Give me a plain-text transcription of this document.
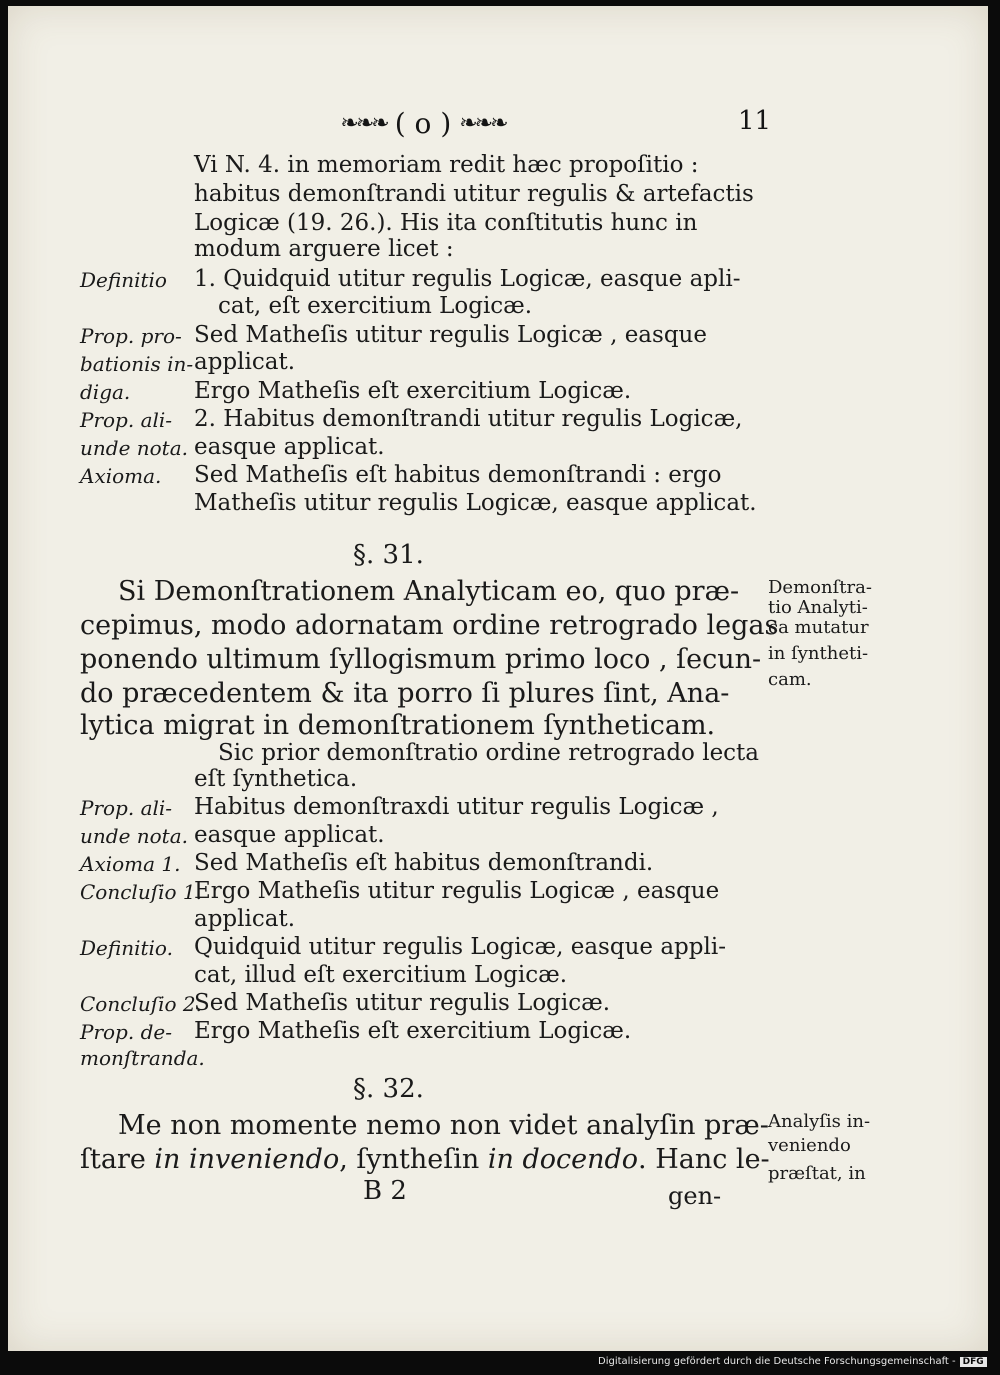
❧❧❧ ( o ) ❧❧❧	11
Vi N. 4. in memoriam redit hæc propoſitio :
habitus demonſtrandi utitur regulis & artefactis
Logicæ (19. 26.). His ita conſtitutis hunc in
modum arguere licet :
1. Quidquid utitur regulis Logicæ, easque apli-
cat, eſt exercitium Logicæ.
Sed Matheſis utitur regulis Logicæ , easque
applicat.
Ergo Matheſis eſt exercitium Logicæ.
2. Habitus demonſtrandi utitur regulis Logicæ,
easque applicat.
Sed Matheſis eſt habitus demonſtrandi : ergo
Matheſis utitur regulis Logicæ, easque applicat.
Definitio
Prop. pro-
bationis in-
diga.
Prop. ali-
unde nota.
Axioma.
§. 31.
Si Demonſtrationem Analyticam eo, quo præ-
cepimus, modo adornatam ordine retrogrado legas
ponendo ultimum ſyllogismum primo loco , ſecun-
do præcedentem & ita porro ſi plures ſint, Ana-
lytica migrat in demonſtrationem ſyntheticam.
Demonſtra-
tio Analyti-
ca mutatur
in ſyntheti-
cam.
Sic prior demonſtratio ordine retrogrado lecta
eſt ſynthetica.
Habitus demonſtraxdi utitur regulis Logicæ ,
easque applicat.
Sed Matheſis eſt habitus demonſtrandi.
Ergo Matheſis utitur regulis Logicæ , easque
applicat.
Quidquid utitur regulis Logicæ, easque appli-
cat, illud eſt exercitium Logicæ.
Sed Matheſis utitur regulis Logicæ.
Ergo Matheſis eſt exercitium Logicæ.
Prop. ali-
unde nota.
Axioma 1.
Concluſio 1.
Definitio.
Concluſio 2.
Prop. de-
monſtranda.
§. 32.
Me non momente nemo non videt analyſin præ-
ſtare in inveniendo, ſyntheſin in docendo. Hanc le-
Analyſis in-
veniendo
præſtat, in
B 2	gen-
Digitalisierung gefördert durch die Deutsche Forschungsgemeinschaft - DFG
